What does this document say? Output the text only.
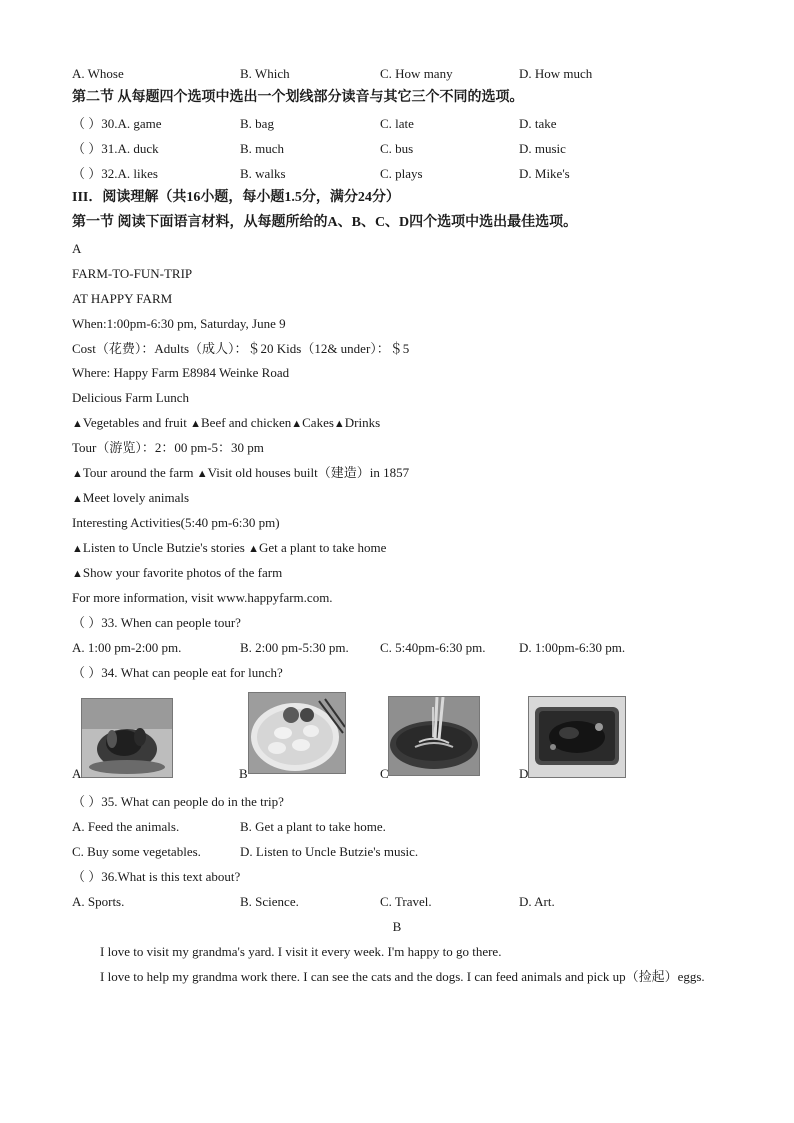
A. Whose	B. Which	C. How many	D. How much
第二节 从每题四个选项中选出一个划线部分读音与其它三个不同的选项。
（ ）30.A. game	B. bag	C. late	D. take
（ ）31.A. duck	B. much	C. bus	D. music
（ ）32.A. likes	B. walks	C. plays	D. Mike's
III．阅读理解（共16小题，每小题1.5分，满分24分）
第一节 阅读下面语言材料，从每题所给的A、B、C、D四个选项中选出最佳选项。
A
FARM-TO-FUN-TRIP
AT HAPPY FARM
When:1:00pm-6:30 pm, Saturday, June 9
Cost（花费）：Adults（成人）：＄20 Kids（12& under）：＄5
Where: Happy Farm E8984 Weinke Road
Delicious Farm Lunch
▲Vegetables and fruit ▲Beef and chicken▲Cakes▲Drinks
Tour（游览）：2：00 pm-5：30 pm
▲Tour around the farm ▲Visit old houses built（建造）in 1857
▲Meet lovely animals
Interesting Activities(5:40 pm-6:30 pm)
▲Listen to Uncle Butzie's stories ▲Get a plant to take home
▲Show your favorite photos of the farm
For more information, visit www.happyfarm.com.
（ ）33. When can people tour?
A. 1:00 pm-2:00 pm.	B. 2:00 pm-5:30 pm. C. 5:40pm-6:30 pm.	D. 1:00pm-6:30 pm.
（ ）34. What can people eat for lunch?
A	B	C	D
（ ）35. What can people do in the trip?
A. Feed the animals.	B. Get a plant to take home.
C. Buy some vegetables.	D. Listen to Uncle Butzie's music.
（ ）36.What is this text about?
A. Sports.	B. Science.	C. Travel.	D. Art.
B
I love to visit my grandma's yard. I visit it every week. I'm happy to go there.
I love to help my grandma work there. I can see the cats and the dogs. I can feed animals and pick up（捡起）eggs.
